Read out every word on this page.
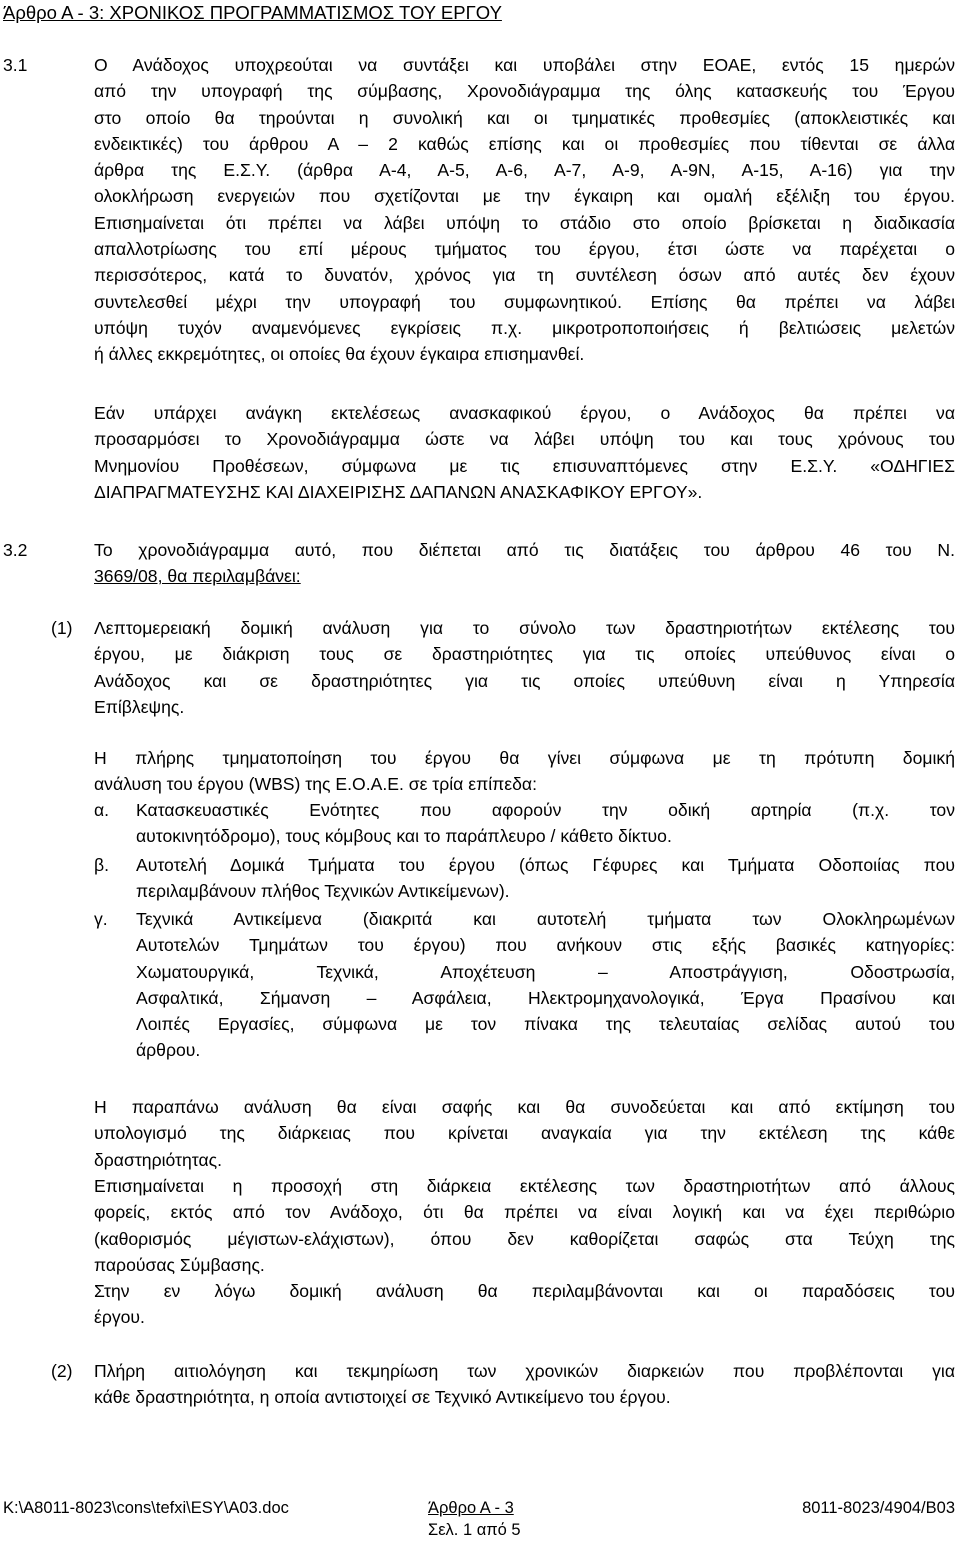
Άρθρο Α - 3: ΧΡΟΝΙΚΟΣ ΠΡΟΓΡΑΜΜΑΤΙΣΜΟΣ ΤΟΥ ΕΡΓΟΥ
3.1	Ο Ανάδοχος υποχρεούται να συντάξει και υποβάλει στην ΕΟΑΕ, εντός 15 ημερών
από την υπογραφή της σύμβασης, Χρονοδιάγραμμα της όλης κατασκευής του Έργου
στο οποίο θα τηρούνται η συνολική και οι τμηματικές προθεσμίες (αποκλειστικές και
ενδεικτικές) του άρθρου Α – 2 καθώς επίσης και οι προθεσμίες που τίθενται σε άλλα
άρθρα της Ε.Σ.Υ. (άρθρα Α-4, Α-5, Α-6, Α-7, Α-9, Α-9Ν, Α-15, Α-16) για την
ολοκλήρωση ενεργειών που σχετίζονται με την έγκαιρη και ομαλή εξέλιξη του έργου.
Επισημαίνεται ότι πρέπει να λάβει υπόψη το στάδιο στο οποίο βρίσκεται η διαδικασία
απαλλοτρίωσης του επί μέρους τμήματος του έργου, έτσι ώστε να παρέχεται ο
περισσότερος, κατά το δυνατόν, χρόνος για τη συντέλεση όσων από αυτές δεν έχουν
συντελεσθεί μέχρι την υπογραφή του συμφωνητικού. Επίσης θα πρέπει να λάβει
υπόψη τυχόν αναμενόμενες εγκρίσεις π.χ. μικροτροποποιήσεις ή βελτιώσεις μελετών
ή άλλες εκκρεμότητες, οι οποίες θα έχουν έγκαιρα επισημανθεί.
Εάν υπάρχει ανάγκη εκτελέσεως ανασκαφικού έργου, ο Ανάδοχος θα πρέπει να
προσαρμόσει το Χρονοδιάγραμμα ώστε να λάβει υπόψη του και τους χρόνους του
Μνημονίου Προθέσεων, σύμφωνα με τις επισυναπτόμενες στην Ε.Σ.Υ. «ΟΔΗΓΙΕΣ
ΔΙΑΠΡΑΓΜΑΤΕΥΣΗΣ ΚΑΙ ΔΙΑΧΕΙΡΙΣΗΣ ΔΑΠΑΝΩΝ ΑΝΑΣΚΑΦΙΚΟΥ ΕΡΓΟΥ».
3.2	Το χρονοδιάγραμμα αυτό, που διέπεται από τις διατάξεις του άρθρου 46 του Ν.
3669/08, θα περιλαμβάνει:
(1) Λεπτομερειακή δομική ανάλυση για το σύνολο των δραστηριοτήτων εκτέλεσης του
έργου, με διάκριση τους σε δραστηριότητες για τις οποίες υπεύθυνος είναι ο
Ανάδοχος και σε δραστηριότητες για τις οποίες υπεύθυνη είναι η Υπηρεσία
Επίβλεψης.
Η πλήρης τμηματοποίηση του έργου θα γίνει σύμφωνα με τη πρότυπη δομική
ανάλυση του έργου (WBS) της Ε.Ο.Α.Ε. σε τρία επίπεδα:
α. Κατασκευαστικές Ενότητες που αφορούν την οδική αρτηρία (π.χ. τον
αυτοκινητόδρομο), τους κόμβους και το παράπλευρο / κάθετο δίκτυο.
β. Αυτοτελή Δομικά Τμήματα του έργου (όπως Γέφυρες και Τμήματα Οδοποιίας που
περιλαμβάνουν πλήθος Τεχνικών Αντικείμενων).
γ. Τεχνικά Αντικείμενα (διακριτά και αυτοτελή τμήματα των Ολοκληρωμένων
Αυτοτελών Τμημάτων του έργου) που ανήκουν στις εξής βασικές κατηγορίες:
Χωματουργικά, Τεχνικά, Αποχέτευση – Αποστράγγιση, Οδοστρωσία,
Ασφαλτικά, Σήμανση – Ασφάλεια, Ηλεκτρομηχανολογικά, Έργα Πρασίνου και
Λοιπές Εργασίες, σύμφωνα με τον πίνακα της τελευταίας σελίδας αυτού του
άρθρου.
Η παραπάνω ανάλυση θα είναι σαφής και θα συνοδεύεται και από εκτίμηση του
υπολογισμό της διάρκειας που κρίνεται αναγκαία για την εκτέλεση της κάθε
δραστηριότητας.
Επισημαίνεται η προσοχή στη διάρκεια εκτέλεσης των δραστηριοτήτων από άλλους
φορείς, εκτός από τον Ανάδοχο, ότι θα πρέπει να είναι λογική και να έχει περιθώριο
(καθορισμός μέγιστων-ελάχιστων), όπου δεν καθορίζεται σαφώς στα Τεύχη της
παρούσας Σύμβασης.
Στην εν λόγω δομική ανάλυση θα περιλαμβάνονται και οι παραδόσεις του
έργου.
(2) Πλήρη αιτιολόγηση και τεκμηρίωση των χρονικών διαρκειών που προβλέπονται για
κάθε δραστηριότητα, η οποία αντιστοιχεί σε Τεχνικό Αντικείμενο του έργου.
K:\A8011-8023\cons\tefxi\ESY\A03.doc	Άρθρο Α - 3
Σελ. 1 από 5
8011-8023/4904/B03
